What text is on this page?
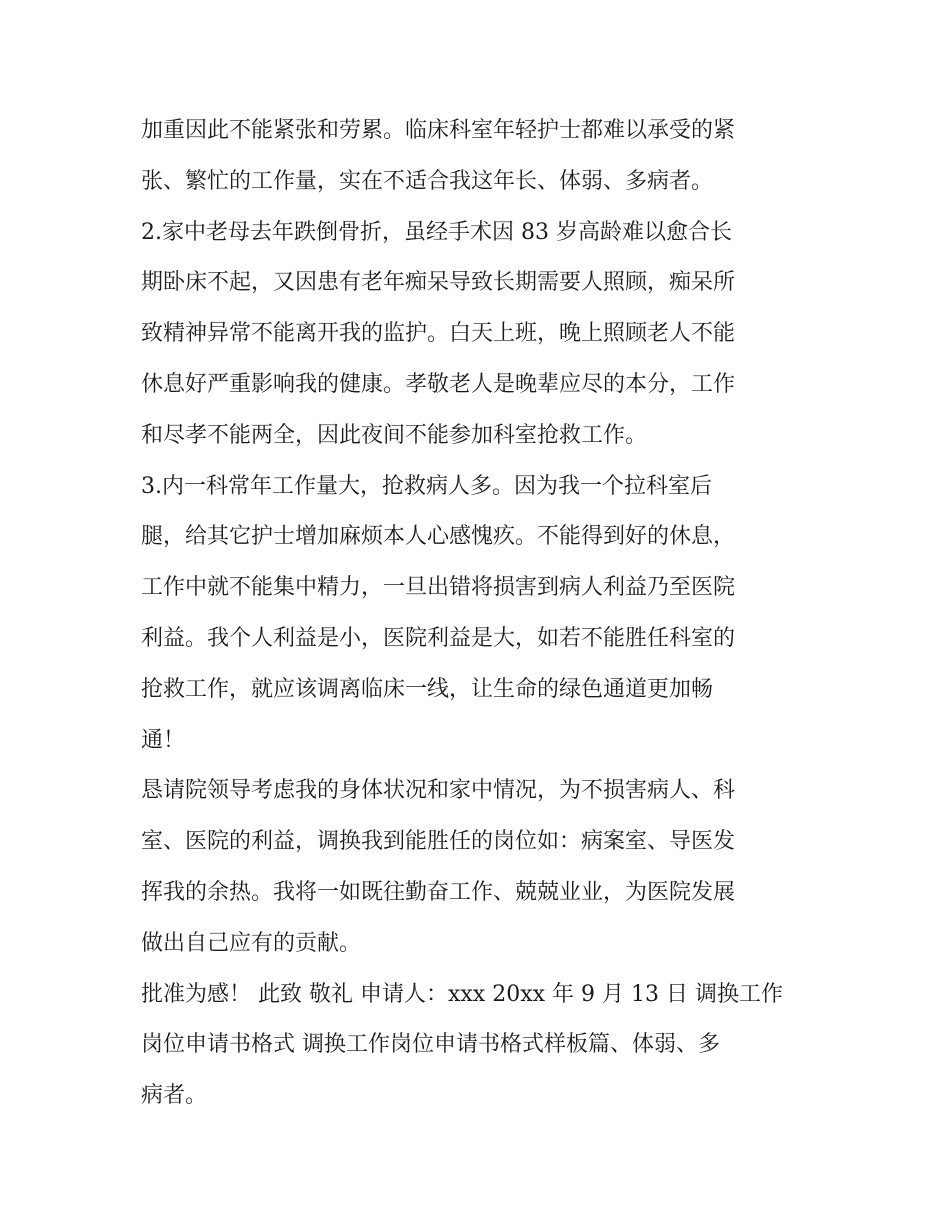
加重因此不能紧张和劳累。临床科室年轻护士都难以承受的紧
张、繁忙的工作量，实在不适合我这年长、体弱、多病者。
2.家中老母去年跌倒骨折，虽经手术因 83 岁高龄难以愈合长
期卧床不起，又因患有老年痴呆导致长期需要人照顾，痴呆所
致精神异常不能离开我的监护。白天上班，晚上照顾老人不能
休息好严重影响我的健康。孝敬老人是晚辈应尽的本分，工作
和尽孝不能两全，因此夜间不能参加科室抢救工作。
3.内一科常年工作量大，抢救病人多。因为我一个拉科室后
腿，给其它护士增加麻烦本人心感愧疚。不能得到好的休息，
工作中就不能集中精力，一旦出错将损害到病人利益乃至医院
利益。我个人利益是小，医院利益是大，如若不能胜任科室的
抢救工作，就应该调离临床一线，让生命的绿色通道更加畅
通！
恳请院领导考虑我的身体状况和家中情况，为不损害病人、科
室、医院的利益，调换我到能胜任的岗位如：病案室、导医发
挥我的余热。我将一如既往勤奋工作、兢兢业业，为医院发展
做出自己应有的贡献。
批准为感！ 此致 敬礼 申请人：xxx 20xx 年 9 月 13 日 调换工作
岗位申请书格式 调换工作岗位申请书格式样板篇、体弱、多
病者。
